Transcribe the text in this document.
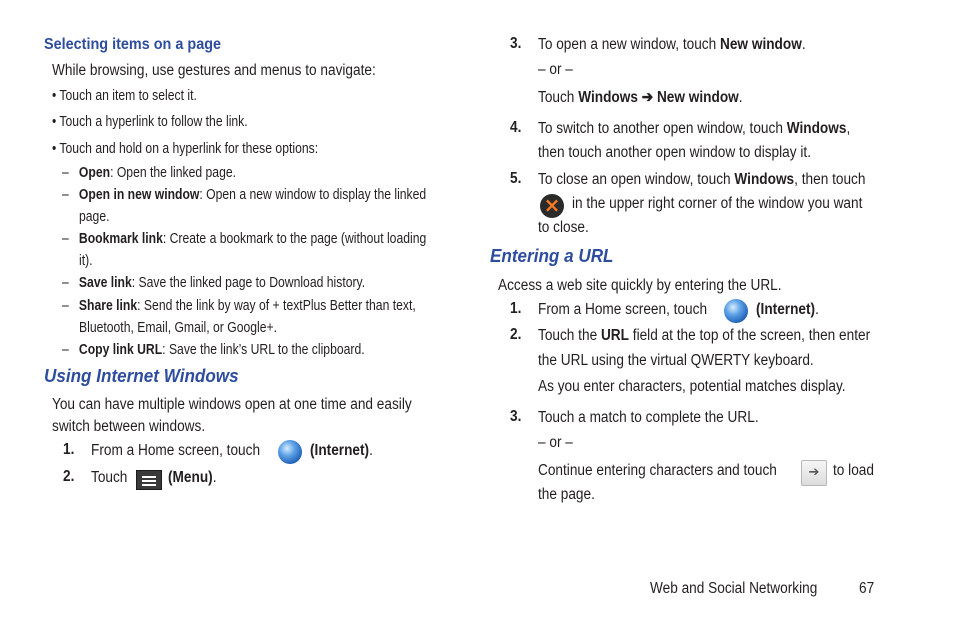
Selecting items on a page
While browsing, use gestures and menus to navigate:
• Touch an item to select it.
• Touch a hyperlink to follow the link.
• Touch and hold on a hyperlink for these options:
–   Open: Open the linked page.
–   Open in new window: Open a new window to display the linked
page.
–   Bookmark link: Create a bookmark to the page (without loading
it).
–   Save link: Save the linked page to Download history.
–   Share link: Send the link by way of + textPlus Better than text,
Bluetooth, Email, Gmail, or Google+.
–   Copy link URL: Save the link’s URL to the clipboard.
Using Internet Windows
You can have multiple windows open at one time and easily
switch between windows.
1. From a Home screen, touch	(Internet).
2. Touch	(Menu).
3. To open a new window, touch New window.
– or –
Touch Windows ➔ New window.
4. To switch to another open window, touch Windows,
then touch another open window to display it.
5. To close an open window, touch Windows, then touch
×
in the upper right corner of the window you want
to close.
Entering a URL
Access a web site quickly by entering the URL.
1. From a Home screen, touch	(Internet).
2. Touch the URL field at the top of the screen, then enter
the URL using the virtual QWERTY keyboard.
As you enter characters, potential matches display.
3. Touch a match to complete the URL.
– or –
Continue entering characters and touch
➔	to load
the page.
Web and Social Networking	67
